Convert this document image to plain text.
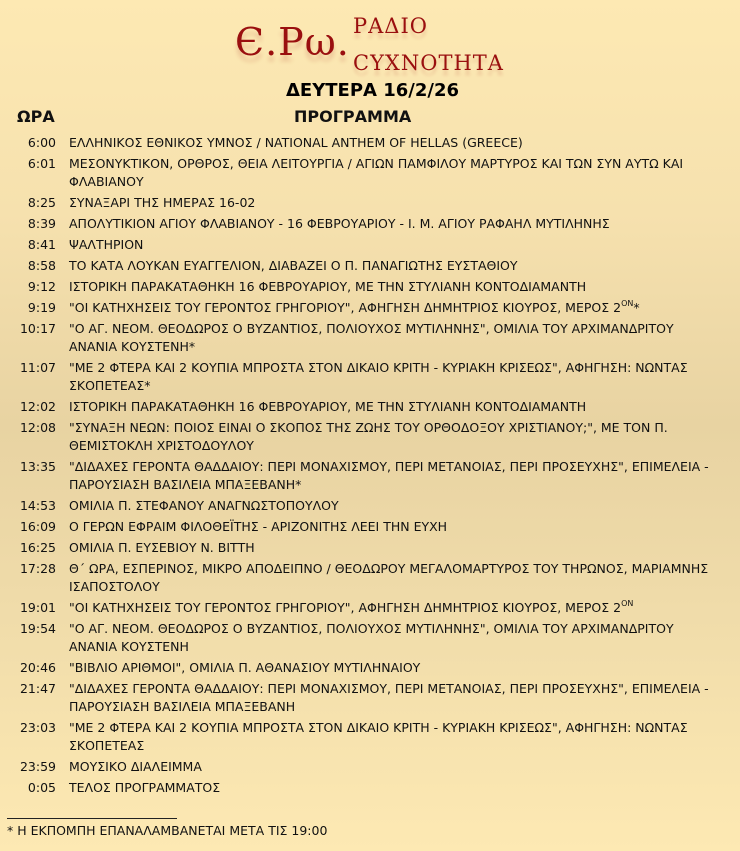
Є.Ρω. ΡΑΔΙΟ
ϹΥΧΝΟΤΗΤΑ
ΔΕΥΤΕΡΑ 16/2/26
ΩΡΑ	ΠΡΟΓΡΑΜΜΑ
6:00 ΕΛΛΗΝΙΚΟΣ ΕΘΝΙΚΟΣ ΥΜΝΟΣ / NATIONAL ANTHEM OF HELLAS (GREECE)
6:01 ΜΕΣΟΝΥΚΤΙΚΟΝ, ΟΡΘΡΟΣ, ΘΕΙΑ ΛΕΙΤΟΥΡΓΙΑ / ΑΓΙΩΝ ΠΑΜΦΙΛΟΥ ΜΑΡΤΥΡΟΣ ΚΑΙ ΤΩΝ ΣΥΝ ΑΥΤΩ ΚΑΙ ΦΛΑΒΙΑΝΟΥ
8:25 ΣΥΝΑΞΑΡΙ ΤΗΣ ΗΜΕΡΑΣ 16-02
8:39 ΑΠΟΛΥΤΙΚΙΟΝ ΑΓΙΟΥ ΦΛΑΒΙΑΝΟΥ - 16 ΦΕΒΡΟΥΑΡΙΟΥ - Ι. Μ. ΑΓΙΟΥ ΡΑΦΑΗΛ ΜΥΤΙΛΗΝΗΣ
8:41 ΨΑΛΤΗΡΙΟΝ
8:58 ΤΟ ΚΑΤΑ ΛΟΥΚΑΝ ΕΥΑΓΓΕΛΙΟΝ, ΔΙΑΒΑΖΕΙ Ο Π. ΠΑΝΑΓΙΩΤΗΣ ΕΥΣΤΑΘΙΟΥ
9:12 ΙΣΤΟΡΙΚΗ ΠΑΡΑΚΑΤΑΘΗΚΗ 16 ΦΕΒΡΟΥΑΡΙΟΥ, ΜΕ ΤΗΝ ΣΤΥΛΙΑΝΗ ΚΟΝΤΟΔΙΑΜΑΝΤΗ
9:19 "ΟΙ ΚΑΤΗΧΗΣΕΙΣ ΤΟΥ ΓΕΡΟΝΤΟΣ ΓΡΗΓΟΡΙΟΥ", ΑΦΗΓΗΣΗ ΔΗΜΗΤΡΙΟΣ ΚΙΟΥΡΟΣ, ΜΕΡΟΣ $2^{ON}*$
10:17 "Ο ΑΓ. ΝΕΟΜ. ΘΕΟΔΩΡΟΣ Ο ΒΥΖΑΝΤΙΟΣ, ΠΟΛΙΟΥΧΟΣ ΜΥΤΙΛΗΝΗΣ", ΟΜΙΛΙΑ ΤΟΥ ΑΡΧΙΜΑΝΔΡΙΤΟΥ ΑΝΑΝΙΑ ΚΟΥΣΤΕΝΗ*
11:07 "ΜΕ 2 ΦΤΕΡΑ ΚΑΙ 2 ΚΟΥΠΙΑ ΜΠΡΟΣΤΑ ΣΤΟΝ ΔΙΚΑΙΟ ΚΡΙΤΗ - ΚΥΡΙΑΚΗ ΚΡΙΣΕΩΣ", ΑΦΗΓΗΣΗ: ΝΩΝΤΑΣ ΣΚΟΠΕΤΕΑΣ*
12:02 ΙΣΤΟΡΙΚΗ ΠΑΡΑΚΑΤΑΘΗΚΗ 16 ΦΕΒΡΟΥΑΡΙΟΥ, ΜΕ ΤΗΝ ΣΤΥΛΙΑΝΗ ΚΟΝΤΟΔΙΑΜΑΝΤΗ
12:08 "ΣΥΝΑΞΗ ΝΕΩΝ: ΠΟΙΟΣ ΕΙΝΑΙ Ο ΣΚΟΠΟΣ ΤΗΣ ΖΩΗΣ ΤΟΥ ΟΡΘΟΔΟΞΟΥ ΧΡΙΣΤΙΑΝΟΥ;", ΜΕ ΤΟΝ Π. ΘΕΜΙΣΤΟΚΛΗ ΧΡΙΣΤΟΔΟΥΛΟΥ
13:35 "ΔΙΔΑΧΕΣ ΓΕΡΟΝΤΑ ΘΑΔΔΑΙΟΥ: ΠΕΡΙ ΜΟΝΑΧΙΣΜΟΥ, ΠΕΡΙ ΜΕΤΑΝΟΙΑΣ, ΠΕΡΙ ΠΡΟΣΕΥΧΗΣ", ΕΠΙΜΕΛΕΙΑ - ΠΑΡΟΥΣΙΑΣΗ ΒΑΣΙΛΕΙΑ ΜΠΑΞΕΒΑΝΗ*
14:53 ΟΜΙΛΙΑ Π. ΣΤΕΦΑΝΟΥ ΑΝΑΓΝΩΣΤΟΠΟΥΛΟΥ
16:09 Ο ΓΕΡΩΝ ΕΦΡΑΙΜ ΦΙΛΟΘΕΪΤΗΣ - ΑΡΙΖΟΝΙΤΗΣ ΛΕΕΙ ΤΗΝ ΕΥΧΗ
16:25 ΟΜΙΛΙΑ Π. ΕΥΣΕΒΙΟΥ Ν. ΒΙΤΤΗ
17:28 Θ΄ ΩΡΑ, ΕΣΠΕΡΙΝΟΣ, ΜΙΚΡΟ ΑΠΟΔΕΙΠΝΟ / ΘΕΟΔΩΡΟΥ ΜΕΓΑΛΟΜΑΡΤΥΡΟΣ ΤΟΥ ΤΗΡΩΝΟΣ, ΜΑΡΙΑΜΝΗΣ ΙΣΑΠΟΣΤΟΛΟΥ
19:01 "ΟΙ ΚΑΤΗΧΗΣΕΙΣ ΤΟΥ ΓΕΡΟΝΤΟΣ ΓΡΗΓΟΡΙΟΥ", ΑΦΗΓΗΣΗ ΔΗΜΗΤΡΙΟΣ ΚΙΟΥΡΟΣ, ΜΕΡΟΣ $2^{ON}$
19:54 "Ο ΑΓ. ΝΕΟΜ. ΘΕΟΔΩΡΟΣ Ο ΒΥΖΑΝΤΙΟΣ, ΠΟΛΙΟΥΧΟΣ ΜΥΤΙΛΗΝΗΣ", ΟΜΙΛΙΑ ΤΟΥ ΑΡΧΙΜΑΝΔΡΙΤΟΥ ΑΝΑΝΙΑ ΚΟΥΣΤΕΝΗ
20:46 "ΒΙΒΛΙΟ ΑΡΙΘΜΟΙ", ΟΜΙΛΙΑ Π. ΑΘΑΝΑΣΙΟΥ ΜΥΤΙΛΗΝΑΙΟΥ
21:47 "ΔΙΔΑΧΕΣ ΓΕΡΟΝΤΑ ΘΑΔΔΑΙΟΥ: ΠΕΡΙ ΜΟΝΑΧΙΣΜΟΥ, ΠΕΡΙ ΜΕΤΑΝΟΙΑΣ, ΠΕΡΙ ΠΡΟΣΕΥΧΗΣ", ΕΠΙΜΕΛΕΙΑ - ΠΑΡΟΥΣΙΑΣΗ ΒΑΣΙΛΕΙΑ ΜΠΑΞΕΒΑΝΗ
23:03 "ΜΕ 2 ΦΤΕΡΑ ΚΑΙ 2 ΚΟΥΠΙΑ ΜΠΡΟΣΤΑ ΣΤΟΝ ΔΙΚΑΙΟ ΚΡΙΤΗ - ΚΥΡΙΑΚΗ ΚΡΙΣΕΩΣ", ΑΦΗΓΗΣΗ: ΝΩΝΤΑΣ ΣΚΟΠΕΤΕΑΣ
23:59 ΜΟΥΣΙΚΟ ΔΙΑΛΕΙΜΜΑ
0:05 ΤΕΛΟΣ ΠΡΟΓΡΑΜΜΑΤΟΣ
* Η ΕΚΠΟΜΠΗ ΕΠΑΝΑΛΑΜΒΑΝΕΤΑΙ ΜΕΤΑ ΤΙΣ 19:00
